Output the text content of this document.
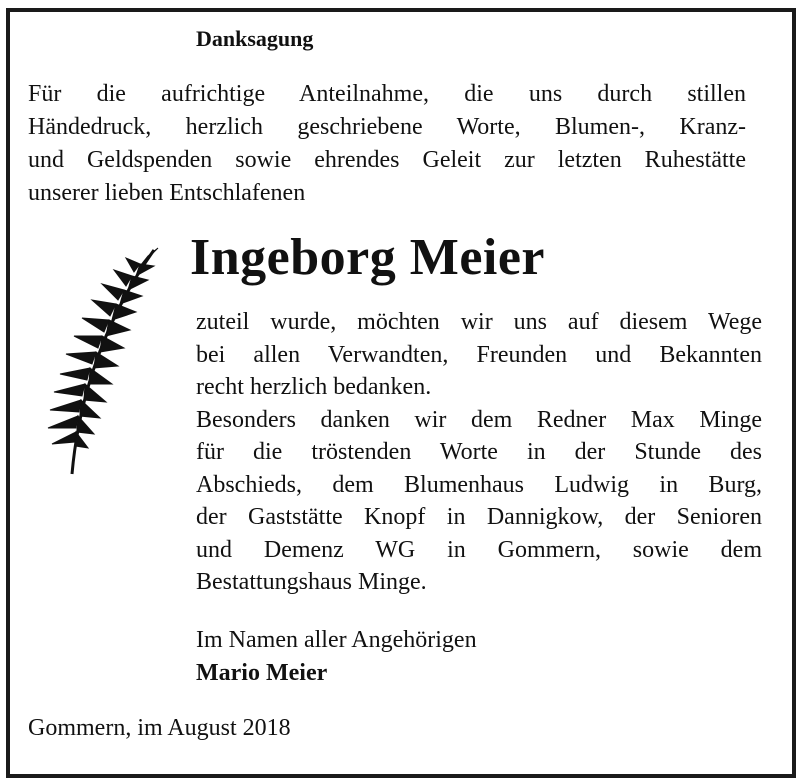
Danksagung
Für die aufrichtige Anteilnahme, die uns durch stillen
Händedruck, herzlich geschriebene Worte, Blumen-, Kranz-
und Geldspenden sowie ehrendes Geleit zur letzten Ruhestätte
unserer lieben Entschlafenen
Ingeborg Meier
zuteil wurde, möchten wir uns auf diesem Wege
bei allen Verwandten, Freunden und Bekannten
recht herzlich bedanken.
Besonders danken wir dem Redner Max Minge
für die tröstenden Worte in der Stunde des
Abschieds, dem Blumenhaus Ludwig in Burg,
der Gaststätte Knopf in Dannigkow, der Senioren
und Demenz WG in Gommern, sowie dem
Bestattungshaus Minge.
Im Namen aller Angehörigen
Mario Meier
Gommern, im August 2018
